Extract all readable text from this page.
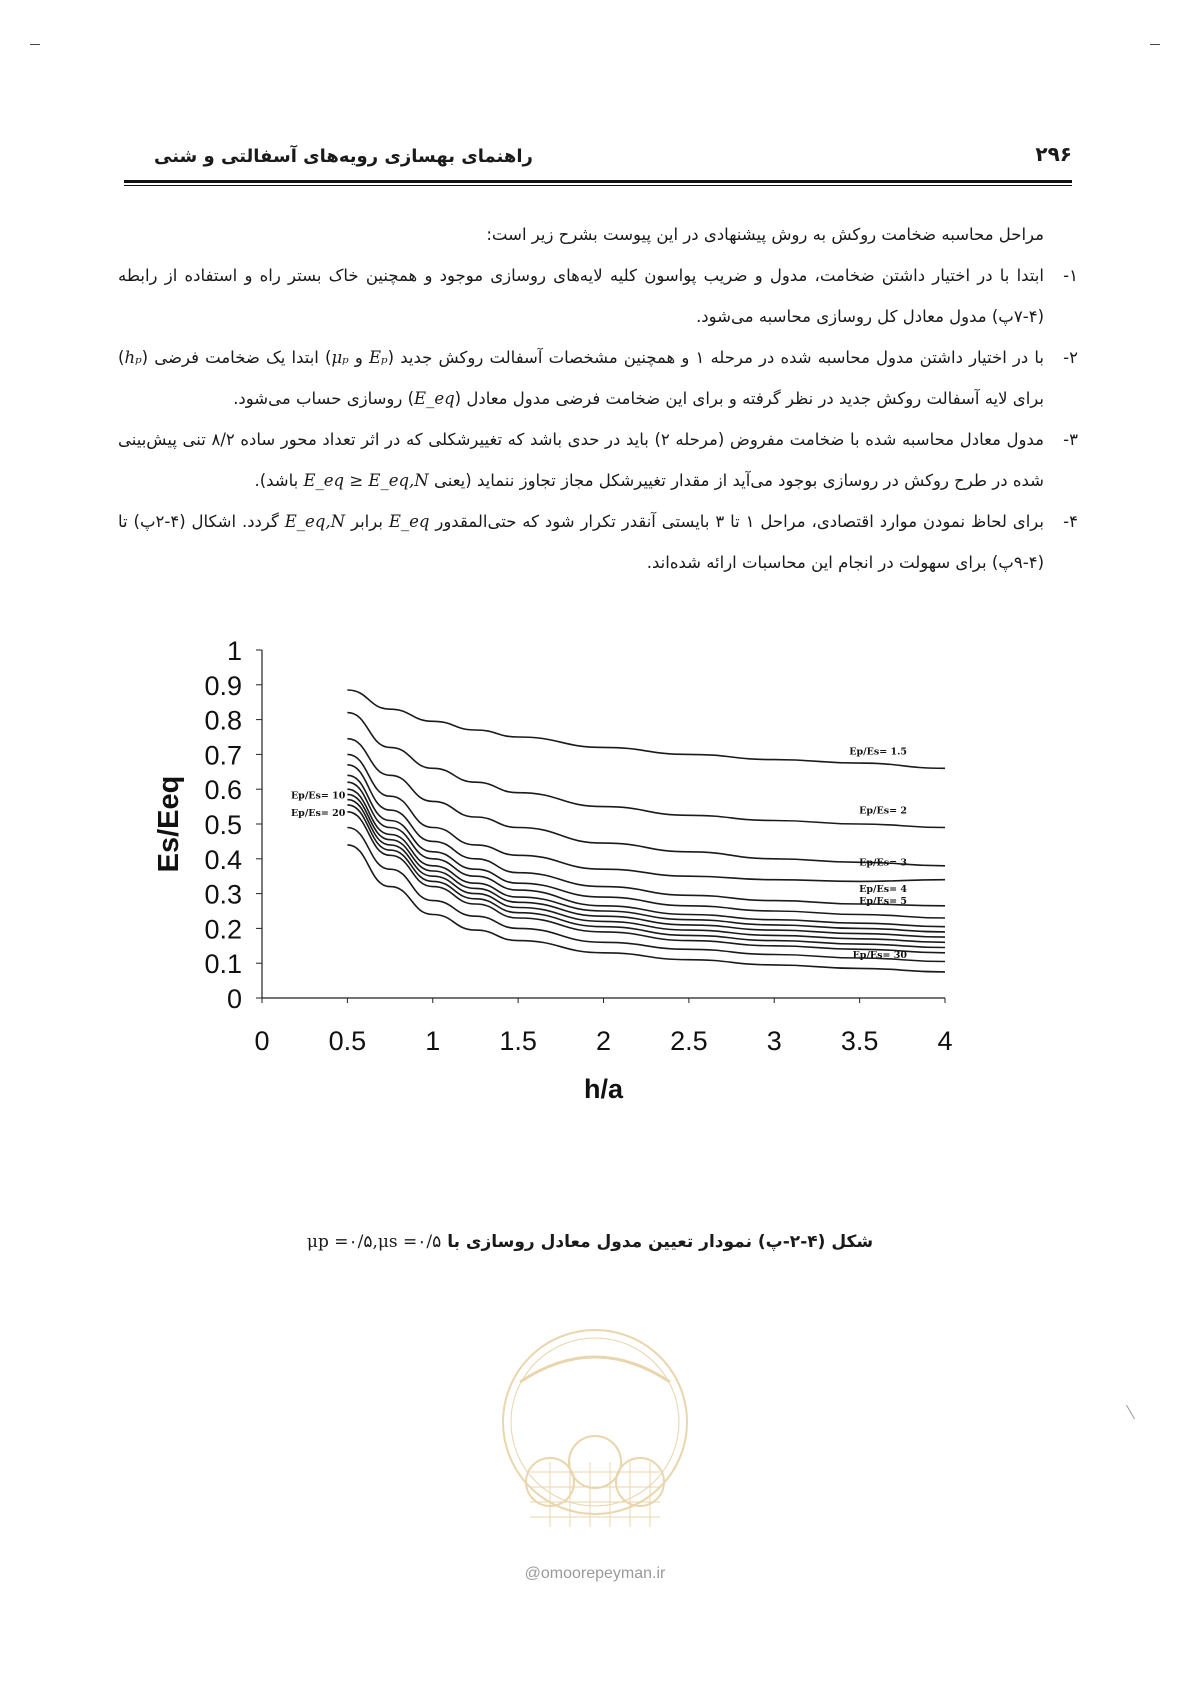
راهنمای بهسازی رویه‌های آسفالتی و شنی	۲۹۶

مراحل محاسبه ضخامت روکش به روش پیشنهادی در این پیوست بشرح زیر است:

۱-
ابتدا با در اختیار داشتن ضخامت، مدول و ضریب پواسون کلیه لایه‌های روسازی موجود و همچنین خاک بستر راه و استفاده از رابطه (۴-۷پ) مدول معادل کل روسازی محاسبه می‌شود.

۲-
با در اختیار داشتن مدول محاسبه شده در مرحله ۱ و همچنین مشخصات آسفالت روکش جدید (Eₚ و μₚ) ابتدا یک ضخامت فرضی (hₚ) برای لایه آسفالت روکش جدید در نظر گرفته و برای این ضخامت فرضی مدول معادل (E_eq) روسازی حساب می‌شود.

۳-
مدول معادل محاسبه شده با ضخامت مفروض (مرحله ۲) باید در حدی باشد که تغییرشکلی که در اثر تعداد محور ساده ۸/۲ تنی پیش‌بینی شده در طرح روکش در روسازی بوجود می‌آید از مقدار تغییرشکل مجاز تجاوز ننماید (یعنی E_eq ≥ E_eq,N باشد).

۴-
برای لحاظ نمودن موارد اقتصادی، مراحل ۱ تا ۳ بایستی آنقدر تکرار شود که حتی‌المقدور E_eq برابر E_eq,N گردد. اشکال (۴-۲پ) تا (۴-۹پ) برای سهولت در انجام این محاسبات ارائه شده‌اند.

0
0.1
0.2
0.3
0.4
0.5
0.6
0.7
0.8
0.9
1
0 0.5 1 1.5 2 2.5 3 3.5 4
h/a
Es/Eeq
Ep/Es= 1.5
Ep/Es= 2
Ep/Es= 3
Ep/Es= 4
Ep/Es= 5
Ep/Es= 10
Ep/Es= 20
Ep/Es= 30
شکل (۴-۲-پ) نمودار تعیین مدول معادل روسازی با μp =۰/۵,μs =۰/۵
@omoorepeyman.ir
